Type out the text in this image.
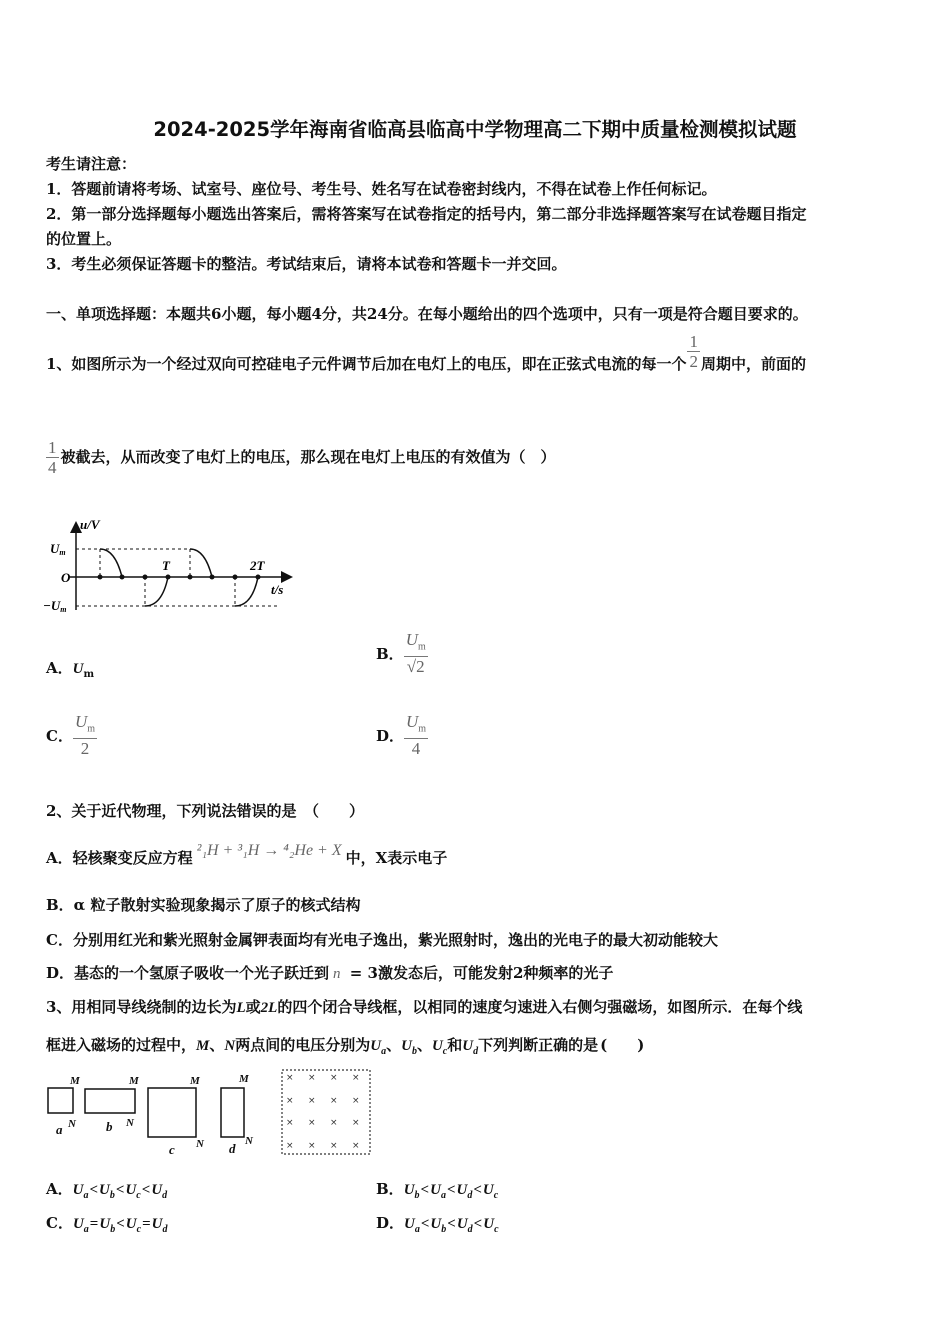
2024-2025学年海南省临高县临高中学物理高二下期中质量检测模拟试题
考生请注意：
1．答题前请将考场、试室号、座位号、考生号、姓名写在试卷密封线内，不得在试卷上作任何标记。
2．第一部分选择题每小题选出答案后，需将答案写在试卷指定的括号内，第二部分非选择题答案写在试卷题目指定
的位置上。
3．考生必须保证答题卡的整洁。考试结束后，请将本试卷和答题卡一并交回。
一、单项选择题：本题共6小题，每小题4分，共24分。在每小题给出的四个选项中，只有一项是符合题目要求的。
1、如图所示为一个经过双向可控硅电子元件调节后加在电灯上的电压，即在正弦式电流的每一个 $\frac{1}{2}$ 周期中，前面的
$\frac{1}{4}$ 被截去，从而改变了电灯上的电压，那么现在电灯上电压的有效值为（　）
u/V
Um
O
−Um
T	2T
t/s
A．$U_m$
B． $\frac{U_m}{√2}$
C． $\frac{U_m}{2}$	D． $\frac{U_m}{4}$
2、关于近代物理，下列说法错误的是　（　　）
A．轻核聚变反应方程 ²₁H + ³₁H → ⁴₂He + X 中，X表示电子
B．α 粒子散射实验现象揭示了原子的核式结构
C．分别用红光和紫光照射金属钾表面均有光电子逸出，紫光照射时，逸出的光电子的最大初动能较大
D．基态的一个氢原子吸收一个光子跃迁到 n = 3激发态后，可能发射2种频率的光子
3、用相同导线绕制的边长为L或2L的四个闭合导线框，以相同的速度匀速进入右侧匀强磁场，如图所示．在每个线
框进入磁场的过程中，M、N两点间的电压分别为$U_a$、$U_b$、$U_c$和$U_d$下列判断正确的是 (　　)
M
N
a
M
N
b
M
N
c
M
N
d
× × × ×
× × × ×
× × × ×
× × × ×
A．$U_a<U_b<U_c<U_d$	B．$U_b<U_a<U_d<U_c$
C．$U_a=U_b<U_c=U_d$	D．$U_a<U_b<U_d<U_c$
